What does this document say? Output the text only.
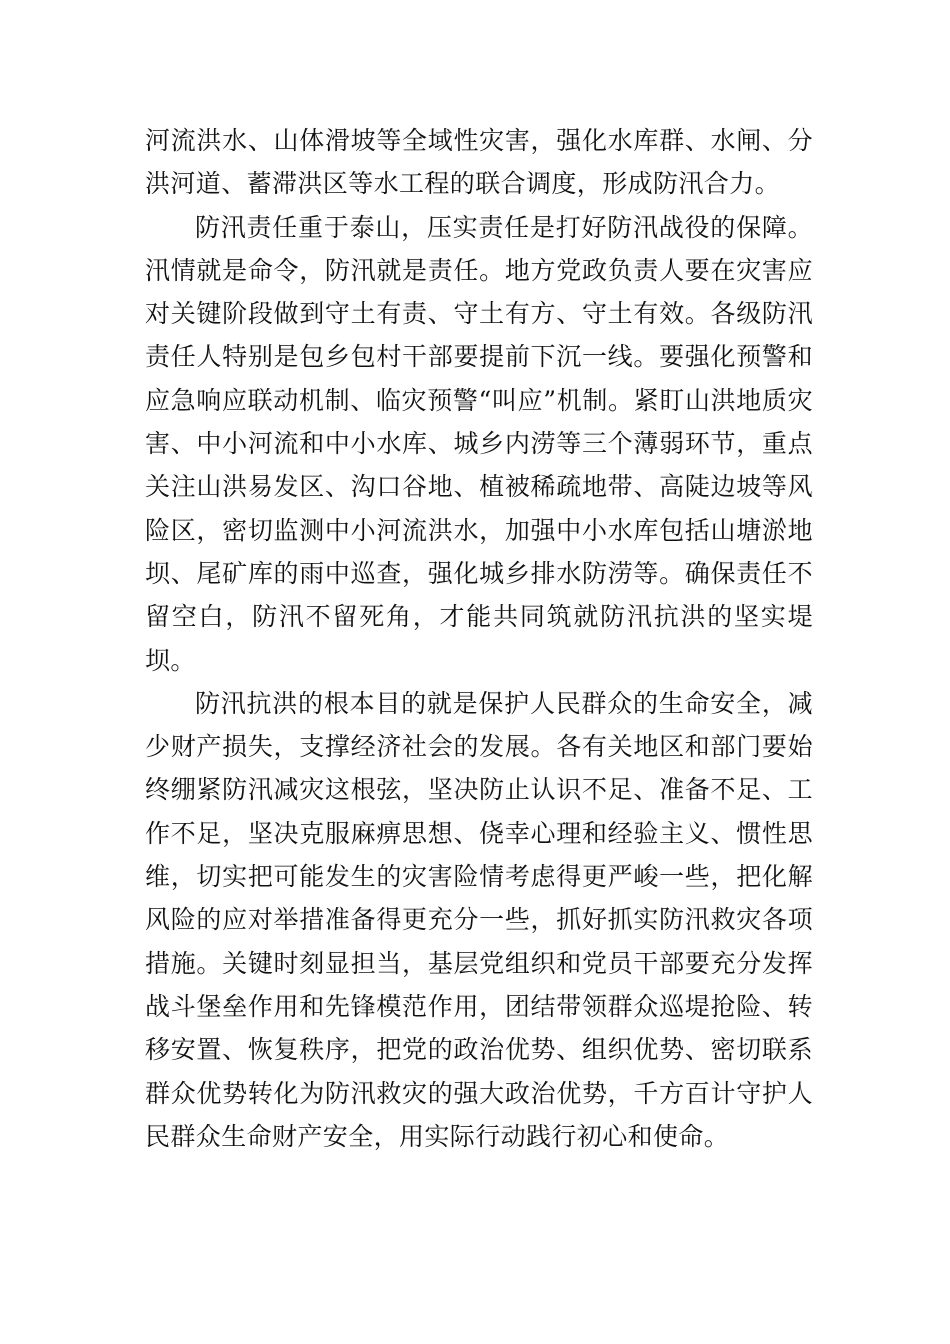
河流洪水、山体滑坡等全域性灾害，强化水库群、水闸、分洪河道、蓄滞洪区等水工程的联合调度，形成防汛合力。

防汛责任重于泰山，压实责任是打好防汛战役的保障。汛情就是命令，防汛就是责任。地方党政负责人要在灾害应对关键阶段做到守土有责、守土有方、守土有效。各级防汛责任人特别是包乡包村干部要提前下沉一线。要强化预警和应急响应联动机制、临灾预警“叫应”机制。紧盯山洪地质灾害、中小河流和中小水库、城乡内涝等三个薄弱环节，重点关注山洪易发区、沟口谷地、植被稀疏地带、高陡边坡等风险区，密切监测中小河流洪水，加强中小水库包括山塘淤地坝、尾矿库的雨中巡查，强化城乡排水防涝等。确保责任不留空白，防汛不留死角，才能共同筑就防汛抗洪的坚实堤坝。

防汛抗洪的根本目的就是保护人民群众的生命安全，减少财产损失，支撑经济社会的发展。各有关地区和部门要始终绷紧防汛减灾这根弦，坚决防止认识不足、准备不足、工作不足，坚决克服麻痹思想、侥幸心理和经验主义、惯性思维，切实把可能发生的灾害险情考虑得更严峻一些，把化解风险的应对举措准备得更充分一些，抓好抓实防汛救灾各项措施。关键时刻显担当，基层党组织和党员干部要充分发挥战斗堡垒作用和先锋模范作用，团结带领群众巡堤抢险、转移安置、恢复秩序，把党的政治优势、组织优势、密切联系群众优势转化为防汛救灾的强大政治优势，千方百计守护人民群众生命财产安全，用实际行动践行初心和使命。
